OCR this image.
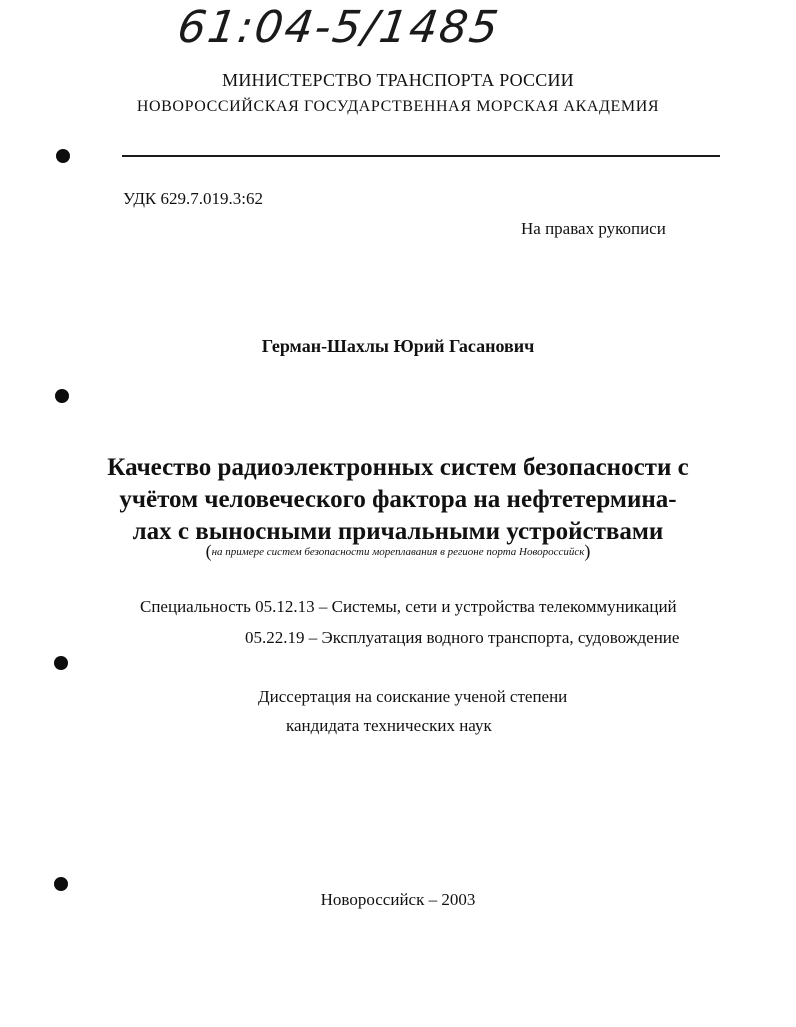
61:04-5/1485
МИНИСТЕРСТВО ТРАНСПОРТА РОССИИ
НОВОРОССИЙСКАЯ ГОСУДАРСТВЕННАЯ МОРСКАЯ АКАДЕМИЯ
УДК 629.7.019.3:62
На правах рукописи
Герман-Шахлы Юрий Гасанович
Качество радиоэлектронных систем безопасности с
учётом человеческого фактора на нефтетермина-
лах с выносными причальными устройствами
(на примере систем безопасности мореплавания в регионе порта Новороссийск)
Специальность 05.12.13 – Системы, сети и устройства телекоммуникаций
05.22.19 – Эксплуатация водного транспорта, судовождение
Диссертация на соискание ученой степени
кандидата технических наук
Новороссийск – 2003
